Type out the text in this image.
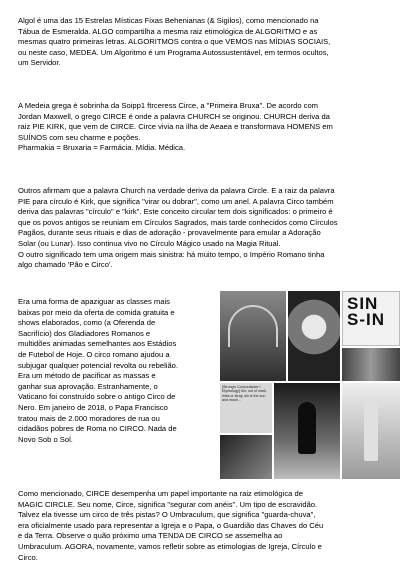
Algol é uma das 15 Estrelas Místicas Fixas Behenianas (& Sigilos), como mencionado na
Tábua de Esmeralda. ALGO compartilha a mesma raiz etimológica de ALGORITMO e as
mesmas quatro primeiras letras. ALGORITMOS contra o que VEMOS nas MÍDIAS SOCIAIS,
ou neste caso, MEDEA. Um Algoritmo é um Programa Autossustentável, em termos ocultos,
um Servidor.
A Medeia grega é sobrinha da Soipp1 ftrceress Circe, a "Primeira Bruxa". De acordo com
Jordan Maxwell, o grego CIRCE é onde a palavra CHURCH se originou. CHURCH deriva da
raiz PIE KIRK, que vem de CIRCE. Circe vivia na ilha de Aeaea e transformava HOMENS em
SUÍNOS com seu charme e poções.
Pharmakia = Bruxaria = Farmácia. Mídia. Médica.
Outros afirmam que a palavra Church na verdade deriva da palavra Circle. E a raiz da palavra
PIE para círculo é Kirk, que significa "virar ou dobrar", como um anel. A palavra Circo também
deriva das palavras "círculo" e "kirk". Este conceito circular tem dois significados: o primeiro é
que os povos antigos se reuniam em Círculos Sagrados, mais tarde conhecidos como Círculos
Pagãos, durante seus rituais e dias de adoração - provavelmente para emular a Adoração
Solar (ou Lunar). Isso continua vivo no Círculo Mágico usado na Magia Ritual.
O outro significado tem uma origem mais sinistra: há muito tempo, o Império Romano tinha
algo chamado 'Pão e Circo'.
Era uma forma de apaziguar as classes mais
baixas por meio da oferta de comida gratuita e
shows elaborados, como (a Oferenda de
Sacrifício) dos Gladiadores Romanos e
multidões animadas semelhantes aos Estádios
de Futebol de Hoje. O circo romano ajudou a
subjugar qualquer potencial revolta ou rebelião.
Era um método de pacificar as massas e
ganhar sua aprovação. Estranhamente, o
Vaticano foi construído sobre o antigo Circo de
Nero. Em janeiro de 2018, o Papa Francisco
tratou mais de 2.000 moradores de rua ou
cidadãos pobres de Roma no CIRCO. Nada de
Novo Sob o Sol.
SIN
S-IN
[Strong's Concordance / Etymology] Sin: out of mark, miss or stray; sin is the sun and moon...
Como mencionado, CIRCE desempenha um papel importante na raiz etimológica de
MAGIC CIRCLE. Seu nome, Circe, significa "segurar com anéis". Um tipo de escravidão.
Talvez ela tivesse um circo de três pistas? O Umbraculum, que significa "guarda-chuva",
era oficialmente usado para representar a Igreja e o Papa, o Guardião das Chaves do Céu
e da Terra. Observe o quão próximo uma TENDA DE CIRCO se assemelha ao
Umbraculum. AGORA, novamente, vamos refletir sobre as etimologias de Igreja, Círculo e
Circo.
